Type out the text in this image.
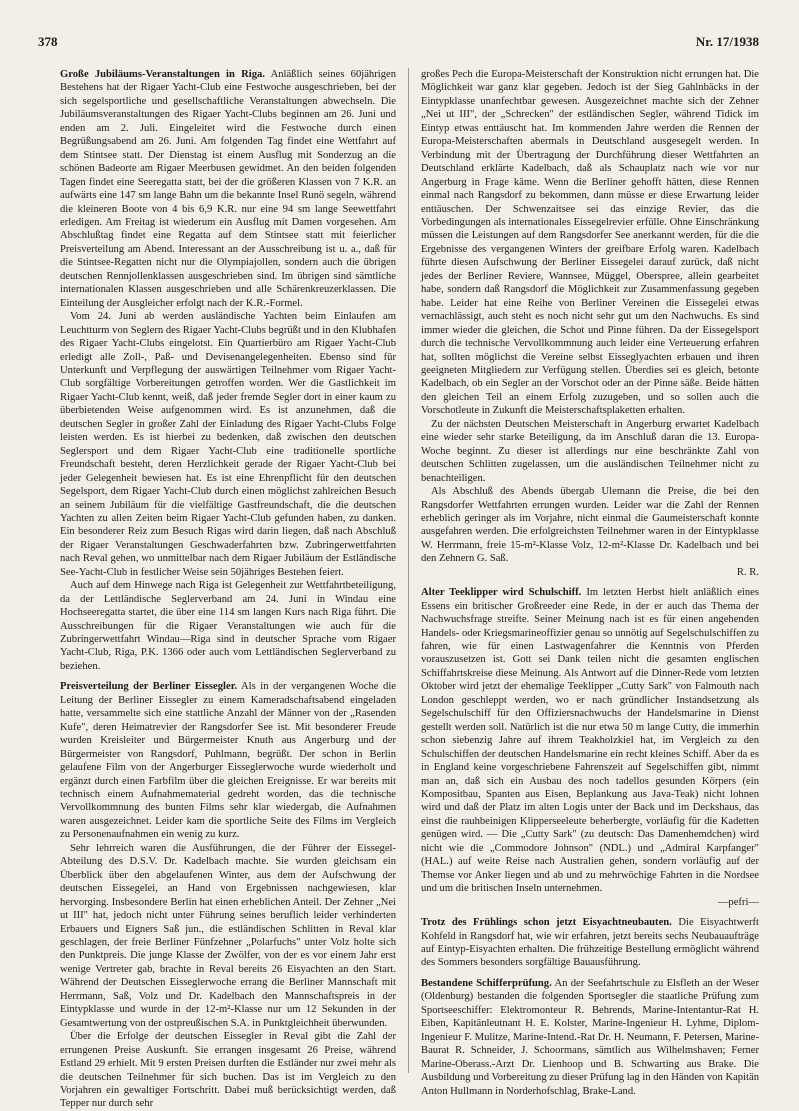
378	Nr. 17/1938

Große Jubiläums-Veranstaltungen in Riga. Anläßlich seines 60jährigen Bestehens hat der Rigaer Yacht-Club eine Festwoche ausgeschrieben, bei der sich segelsportliche und gesellschaftliche Veranstaltungen abwechseln. Die Jubiläumsveranstaltungen des Rigaer Yacht-Clubs beginnen am 26. Juni und enden am 2. Juli. Eingeleitet wird die Festwoche durch einen Begrüßungsabend am 26. Juni. Am folgenden Tag findet eine Wettfahrt auf dem Stintsee statt. Der Dienstag ist einem Ausflug mit Sonderzug an die schönen Badeorte am Rigaer Meerbusen gewidmet. An den beiden folgenden Tagen findet eine Seeregatta statt, bei der die größeren Klassen von 7 K.R. an aufwärts eine 147 sm lange Bahn um die bekannte Insel Runö segeln, während die kleineren Boote von 4 bis 6,9 K.R. nur eine 94 sm lange Seewettfahrt erledigen. Am Freitag ist wiederum ein Ausflug mit Damen vorgesehen. Am Abschlußtag findet eine Regatta auf dem Stintsee statt mit feierlicher Preisverteilung am Abend. Interessant an der Ausschreibung ist u. a., daß für die Stintsee-Regatten nicht nur die Olympiajollen, sondern auch die übrigen deutschen Rennjollenklassen ausgeschrieben sind. Im übrigen sind sämtliche internationalen Klassen ausgeschrieben und alle Schärenkreuzerklassen. Die Einteilung der Ausgleicher erfolgt nach der K.R.-Formel.

Vom 24. Juni ab werden ausländische Yachten beim Einlaufen am Leuchtturm von Seglern des Rigaer Yacht-Clubs begrüßt und in den Klubhafen des Rigaer Yacht-Clubs eingelotst. Ein Quartierbüro am Rigaer Yacht-Club erledigt alle Zoll-, Paß- und Devisenangelegenheiten. Ebenso sind für Unterkunft und Verpflegung der auswärtigen Teilnehmer vom Rigaer Yacht-Club sorgfältige Vorbereitungen getroffen worden. Wer die Gastlichkeit im Rigaer Yacht-Club kennt, weiß, daß jeder fremde Segler dort in einer kaum zu überbietenden Weise aufgenommen wird. Es ist anzunehmen, daß die deutschen Segler in großer Zahl der Einladung des Rigaer Yacht-Clubs Folge leisten werden. Es ist hierbei zu bedenken, daß zwischen den deutschen Seglersport und dem Rigaer Yacht-Club eine traditionelle sportliche Freundschaft besteht, deren Herzlichkeit gerade der Rigaer Yacht-Club bei jeder Gelegenheit bewiesen hat. Es ist eine Ehrenpflicht für den deutschen Segelsport, dem Rigaer Yacht-Club durch einen möglichst zahlreichen Besuch an seinem Jubiläum für die vielfältige Gastfreundschaft, die die deutschen Yachten zu allen Zeiten beim Rigaer Yacht-Club gefunden haben, zu danken. Ein besonderer Reiz zum Besuch Rigas wird darin liegen, daß nach Abschluß der Rigaer Veranstaltungen Geschwaderfahrten bzw. Zubringerwettfahrten nach Reval gehen, wo unmittelbar nach dem Rigaer Jubiläum der Estländische See-Yacht-Club in festlicher Weise sein 50jähriges Bestehen feiert.

Auch auf dem Hinwege nach Riga ist Gelegenheit zur Wettfahrtbeteiligung, da der Lettländische Seglerverband am 24. Juni in Windau eine Hochseeregatta startet, die über eine 114 sm langen Kurs nach Riga führt. Die Ausschreibungen für die Rigaer Veranstaltungen wie auch für die Zubringerwettfahrt Windau—Riga sind in deutscher Sprache vom Rigaer Yacht-Club, Riga, P.K. 1366 oder auch vom Lettländischen Seglerverband zu beziehen.

Preisverteilung der Berliner Eissegler. Als in der vergangenen Woche die Leitung der Berliner Eissegler zu einem Kameradschaftsabend eingeladen hatte, versammelte sich eine stattliche Anzahl der Männer von der „Rasenden Kufe", deren Heimatrevier der Rangsdorfer See ist. Mit besonderer Freude wurden Kreisleiter und Bürgermeister Knuth aus Angerburg und der Bürgermeister von Rangsdorf, Puhlmann, begrüßt. Der schon in Berlin gelaufene Film von der Angerburger Eisseglerwoche wurde wiederholt und ergänzt durch einen Farbfilm über die gleichen Ereignisse. Er war bereits mit technisch einem Aufnahmematerial gedreht worden, das die technische Vervollkommnung des bunten Films sehr klar wiedergab, die Aufnahmen waren ausgezeichnet. Leider kam die sportliche Seite des Films im Vergleich zu Personenaufnahmen ein wenig zu kurz.

Sehr lehrreich waren die Ausführungen, die der Führer der Eissegel-Abteilung des D.S.V. Dr. Kadelbach machte. Sie wurden gleichsam ein Überblick über den abgelaufenen Winter, aus dem der Aufschwung der deutschen Eissegelei, an Hand von Ergebnissen nachgewiesen, klar hervorging. Insbesondere Berlin hat einen erheblichen Anteil. Der Zehner „Nei ut III" hat, jedoch nicht unter Führung seines beruflich leider verhinderten Erbauers und Eigners Saß jun., die estländischen Schlitten in Reval klar geschlagen, der freie Berliner Fünfzehner „Polarfuchs" unter Volz holte sich den Punktpreis. Die junge Klasse der Zwölfer, von der es vor einem Jahr erst wenige Vertreter gab, brachte in Reval bereits 26 Eisyachten an den Start. Während der Deutschen Eisseglerwoche errang die Berliner Mannschaft mit Herrmann, Saß, Volz und Dr. Kadelbach den Mannschaftspreis in der Eintypklasse und wurde in der 12-m²-Klasse nur um 12 Sekunden in der Gesamtwertung von der ostpreußischen S.A. in Punktgleichheit überwunden.

Über die Erfolge der deutschen Eissegler in Reval gibt die Zahl der errungenen Preise Auskunft. Sie errangen insgesamt 26 Preise, während Estland 29 erhielt. Mit 9 ersten Preisen durften die Estländer nur zwei mehr als die deutschen Teilnehmer für sich buchen. Das ist im Vergleich zu den Vorjahren ein gewaltiger Fortschritt. Dabei muß berücksichtigt werden, daß Tepper nur durch sehr

großes Pech die Europa-Meisterschaft der Konstruktion nicht errungen hat. Die Möglichkeit war ganz klar gegeben. Jedoch ist der Sieg Gahlnbäcks in der Eintypklasse unanfechtbar gewesen. Ausgezeichnet machte sich der Zehner „Nei ut III", der „Schrecken" der estländischen Segler, während Tidick im Eintyp etwas enttäuscht hat. Im kommenden Jahre werden die Rennen der Europa-Meisterschaften abermals in Deutschland ausgesegelt werden. In Verbindung mit der Übertragung der Durchführung dieser Wettfahrten an Deutschland erklärte Kadelbach, daß als Schauplatz nach wie vor nur Angerburg in Frage käme. Wenn die Berliner gehofft hätten, diese Rennen einmal nach Rangsdorf zu bekommen, dann müsse er diese Erwartung leider enttäuschen. Der Schwenzaitsee sei das einzige Revier, das die Vorbedingungen als internationales Eissegelrevier erfülle. Ohne Einschränkung müssen die Leistungen auf dem Rangsdorfer See anerkannt werden, für die die Ergebnisse des vergangenen Winters der greifbare Erfolg waren. Kadelbach führte diesen Aufschwung der Berliner Eissegelei darauf zurück, daß nicht jedes der Berliner Reviere, Wannsee, Müggel, Oberspree, allein gearbeitet habe, sondern daß Rangsdorf die Möglichkeit zur Zusammenfassung gegeben habe. Leider hat eine Reihe von Berliner Vereinen die Eissegelei etwas vernachlässigt, auch steht es noch nicht sehr gut um den Nachwuchs. Es sind immer wieder die gleichen, die Schot und Pinne führen. Da der Eissegelsport durch die technische Vervollkommnung auch leider eine Verteuerung erfahren hat, sollten möglichst die Vereine selbst Eisseglyachten erbauen und ihren geeigneten Mitgliedern zur Verfügung stellen. Überdies sei es gleich, betonte Kadelbach, ob ein Segler an der Vorschot oder an der Pinne säße. Beide hätten den gleichen Teil an einem Erfolg zuzugeben, und so sollen auch die Vorschotleute in Zukunft die Meisterschaftsplaketten erhalten.

Zu der nächsten Deutschen Meisterschaft in Angerburg erwartet Kadelbach eine wieder sehr starke Beteiligung, da im Anschluß daran die 13. Europa-Woche beginnt. Zu dieser ist allerdings nur eine beschränkte Zahl von deutschen Schlitten zugelassen, um die ausländischen Teilnehmer nicht zu benachteiligen.

Als Abschluß des Abends übergab Ulemann die Preise, die bei den Rangsdorfer Wettfahrten errungen wurden. Leider war die Zahl der Rennen erheblich geringer als im Vorjahre, nicht einmal die Gaumeisterschaft konnte ausgefahren werden. Die erfolgreichsten Teilnehmer waren in der Eintypklasse W. Herrmann, freie 15-m²-Klasse Volz, 12-m²-Klasse Dr. Kadelbach und bei den Zehnern G. Saß.

R. R.

Alter Teeklipper wird Schulschiff. Im letzten Herbst hielt anläßlich eines Essens ein britischer Großreeder eine Rede, in der er auch das Thema der Nachwuchsfrage streifte. Seiner Meinung nach ist es für einen angehenden Handels- oder Kriegsmarineoffizier genau so unnötig auf Segelschulschiffen zu fahren, wie für einen Lastwagenfahrer die Kenntnis von Pferden vorauszusetzen ist. Gott sei Dank teilen nicht die gesamten englischen Schiffahrtskreise diese Meinung. Als Antwort auf die Dinner-Rede vom letzten Oktober wird jetzt der ehemalige Teeklipper „Cutty Sark" von Falmouth nach London geschleppt werden, wo er nach gründlicher Instandsetzung als Segelschulschiff für den Offiziersnachwuchs der Handelsmarine in Dienst gestellt werden soll. Natürlich ist die nur etwa 50 m lange Cutty, die immerhin schon siebenzig Jahre auf ihrem Teakholzkiel hat, im Vergleich zu den Schulschiffen der deutschen Handelsmarine ein recht kleines Schiff. Aber da es in England keine vorgeschriebene Fahrenszeit auf Segelschiffen gibt, nimmt man an, daß sich ein Ausbau des noch tadellos gesunden Körpers (ein Kompositbau, Spanten aus Eisen, Beplankung aus Java-Teak) nicht lohnen wird und daß der Platz im alten Logis unter der Back und im Deckshaus, das einst die rauhbeinigen Klipperseeleute beherbergte, vorläufig für die Kadetten genügen wird. — Die „Cutty Sark" (zu deutsch: Das Damenhemdchen) wird nicht wie die „Commodore Johnson" (NDL.) und „Admiral Karpfanger" (HAL.) auf weite Reise nach Australien gehen, sondern vorläufig auf der Themse vor Anker liegen und ab und zu mehrwöchige Fahrten in die Nordsee und um die britischen Inseln unternehmen.

—pefri—

Trotz des Frühlings schon jetzt Eisyachtneubauten. Die Eisyachtwerft Kohfeld in Rangsdorf hat, wie wir erfahren, jetzt bereits sechs Neubauaufträge auf Eintyp-Eisyachten erhalten. Die frühzeitige Bestellung ermöglicht während des Sommers besonders sorgfältige Bauausführung.

Bestandene Schifferprüfung. An der Seefahrtschule zu Elsfleth an der Weser (Oldenburg) bestanden die folgenden Sportsegler die staatliche Prüfung zum Sportseeschiffer: Elektromonteur R. Behrends, Marine-Intentantur-Rat H. Eiben, Kapitänleutnant H. E. Kolster, Marine-Ingenieur H. Lyhme, Diplom-Ingenieur F. Mulitze, Marine-Intend.-Rat Dr. H. Neumann, F. Petersen, Marine-Baurat R. Schneider, J. Schoormans, sämtlich aus Wilhelmshaven; Ferner Marine-Oberass.-Arzt Dr. Lienhoop und B. Schwarting aus Brake. Die Ausbildung und Vorbereitung zu dieser Prüfung lag in den Händen von Kapitän Anton Hullmann in Norderhofschlag, Brake-Land.
